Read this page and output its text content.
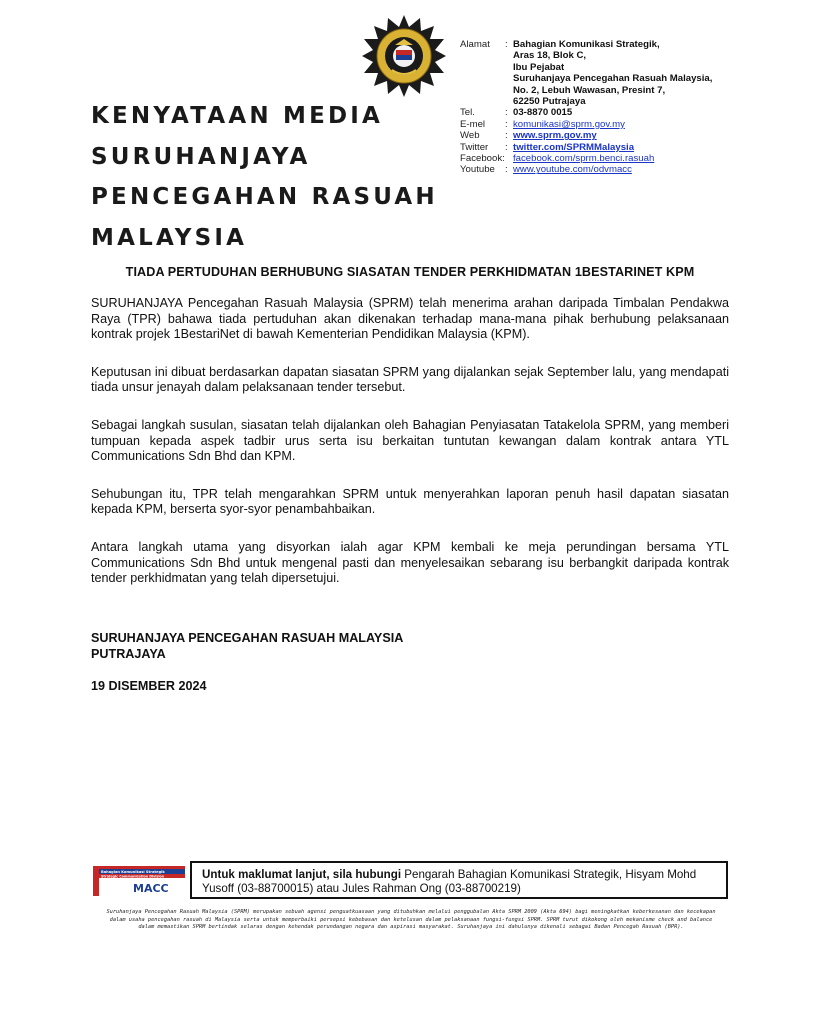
KENYATAAN MEDIA
SURUHANJAYA
PENCEGAHAN RASUAH
MALAYSIA
Alamat	: Bahagian Komunikasi Strategik,
Aras 18, Blok C,
Ibu Pejabat
Suruhanjaya Pencegahan Rasuah Malaysia,
No. 2, Lebuh Wawasan, Presint 7,
62250 Putrajaya
Tel.	: 03-8870 0015
E-mel	: komunikasi@sprm.gov.my
Web	: www.sprm.gov.my
Twitter	: twitter.com/SPRMMalaysia
Facebook: facebook.com/sprm.benci.rasuah
Youtube	: www.youtube.com/odvmacc
TIADA PERTUDUHAN BERHUBUNG SIASATAN TENDER PERKHIDMATAN 1BESTARINET KPM

SURUHANJAYA Pencegahan Rasuah Malaysia (SPRM) telah menerima arahan daripada Timbalan Pendakwa Raya (TPR) bahawa tiada pertuduhan akan dikenakan terhadap mana-mana pihak berhubung pelaksanaan kontrak projek 1BestariNet di bawah Kementerian Pendidikan Malaysia (KPM).

Keputusan ini dibuat berdasarkan dapatan siasatan SPRM yang dijalankan sejak September lalu, yang mendapati tiada unsur jenayah dalam pelaksanaan tender tersebut.

Sebagai langkah susulan, siasatan telah dijalankan oleh Bahagian Penyiasatan Tatakelola SPRM, yang memberi tumpuan kepada aspek tadbir urus serta isu berkaitan tuntutan kewangan dalam kontrak antara YTL Communications Sdn Bhd dan KPM.

Sehubungan itu, TPR telah mengarahkan SPRM untuk menyerahkan laporan penuh hasil dapatan siasatan kepada KPM, berserta syor-syor penambahbaikan.

Antara langkah utama yang disyorkan ialah agar KPM kembali ke meja perundingan bersama YTL Communications Sdn Bhd untuk mengenal pasti dan menyelesaikan sebarang isu berbangkit daripada kontrak tender perkhidmatan yang telah dipersetujui.

SURUHANJAYA PENCEGAHAN RASUAH MALAYSIA
PUTRAJAYA
19 DISEMBER 2024
Bahagian Komunikasi Strategik
Strategic Communication Division
MACC
Untuk maklumat lanjut, sila hubungi Pengarah Bahagian Komunikasi Strategik, Hisyam Mohd Yusoff (03-88700015) atau Jules Rahman Ong (03-88700219)
Suruhanjaya Pencegahan Rasuah Malaysia (SPRM) merupakan sebuah agensi penguatkuasaan yang ditubuhkan melalui penggubalan Akta SPRM 2009 (Akta 694) bagi meningkatkan keberkesanan dan kecekapan dalam usaha pencegahan rasuah di Malaysia serta untuk memperbaiki persepsi kebebasan dan ketelusan dalam pelaksanaan fungsi-fungsi SPRM. SPRM turut dikokong oleh mekanisme check and balance dalam memastikan SPRM bertindak selaras dengan kehendak perundangan negara dan aspirasi masyarakat. Suruhanjaya ini dahulunya dikenali sebagai Badan Pencegah Rasuah (BPR).
